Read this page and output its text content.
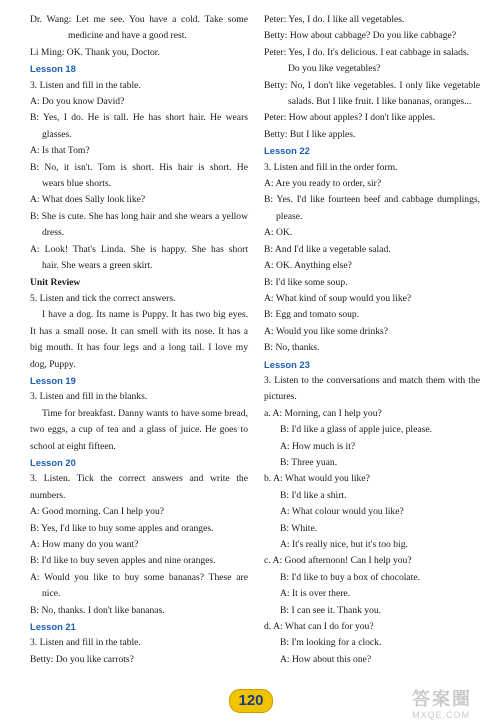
Dr. Wang: Let me see. You have a cold. Take some
medicine and have a good rest.
Li Ming: OK. Thank you, Doctor.
Lesson 18
3. Listen and fill in the table.
A: Do you know David?
B: Yes, I do. He is tall. He has short hair. He wears
glasses.
A: Is that Tom?
B: No, it isn't. Tom is short. His hair is short. He
wears blue shorts.
A: What does Sally look like?
B: She is cute. She has long hair and she wears a yellow
dress.
A: Look! That's Linda. She is happy. She has short
hair. She wears a green skirt.
Unit Review
5. Listen and tick the correct answers.
I have a dog. Its name is Puppy. It has two big eyes.
It has a small nose. It can smell with its nose. It has a
big mouth. It has four legs and a long tail. I love my
dog, Puppy.
Lesson 19
3. Listen and fill in the blanks.
Time for breakfast. Danny wants to have some bread,
two eggs, a cup of tea and a glass of juice. He goes to
school at eight fifteen.
Lesson 20
3. Listen. Tick the correct answers and write the
numbers.
A: Good morning. Can I help you?
B: Yes, I'd like to buy some apples and oranges.
A: How many do you want?
B: I'd like to buy seven apples and nine oranges.
A: Would you like to buy some bananas? These are
nice.
B: No, thanks. I don't like bananas.
Lesson 21
3. Listen and fill in the table.
Betty: Do you like carrots?
Peter: Yes, I do. I like all vegetables.
Betty: How about cabbage? Do you like cabbage?
Peter: Yes, I do. It's delicious. I eat cabbage in salads.
Do you like vegetables?
Betty: No, I don't like vegetables. I only like vegetable
salads. But I like fruit. I like bananas, oranges...
Peter: How about apples? I don't like apples.
Betty: But I like apples.
Lesson 22
3. Listen and fill in the order form.
A: Are you ready to order, sir?
B: Yes. I'd like fourteen beef and cabbage dumplings,
please.
A: OK.
B: And I'd like a vegetable salad.
A: OK. Anything else?
B: I'd like some soup.
A: What kind of soup would you like?
B: Egg and tomato soup.
A: Would you like some drinks?
B: No, thanks.
Lesson 23
3. Listen to the conversations and match them with the
pictures.
a. A: Morning, can I help you?
B: I'd like a glass of apple juice, please.
A: How much is it?
B: Three yuan.
b. A: What would you like?
B: I'd like a shirt.
A: What colour would you like?
B: White.
A: It's really nice, but it's too big.
c. A: Good afternoon! Can I help you?
B: I'd like to buy a box of chocolate.
A: It is over there.
B: I can see it. Thank you.
d. A: What can I do for you?
B: I'm looking for a clock.
A: How about this one?
120	答案圈
MXQE.COM
